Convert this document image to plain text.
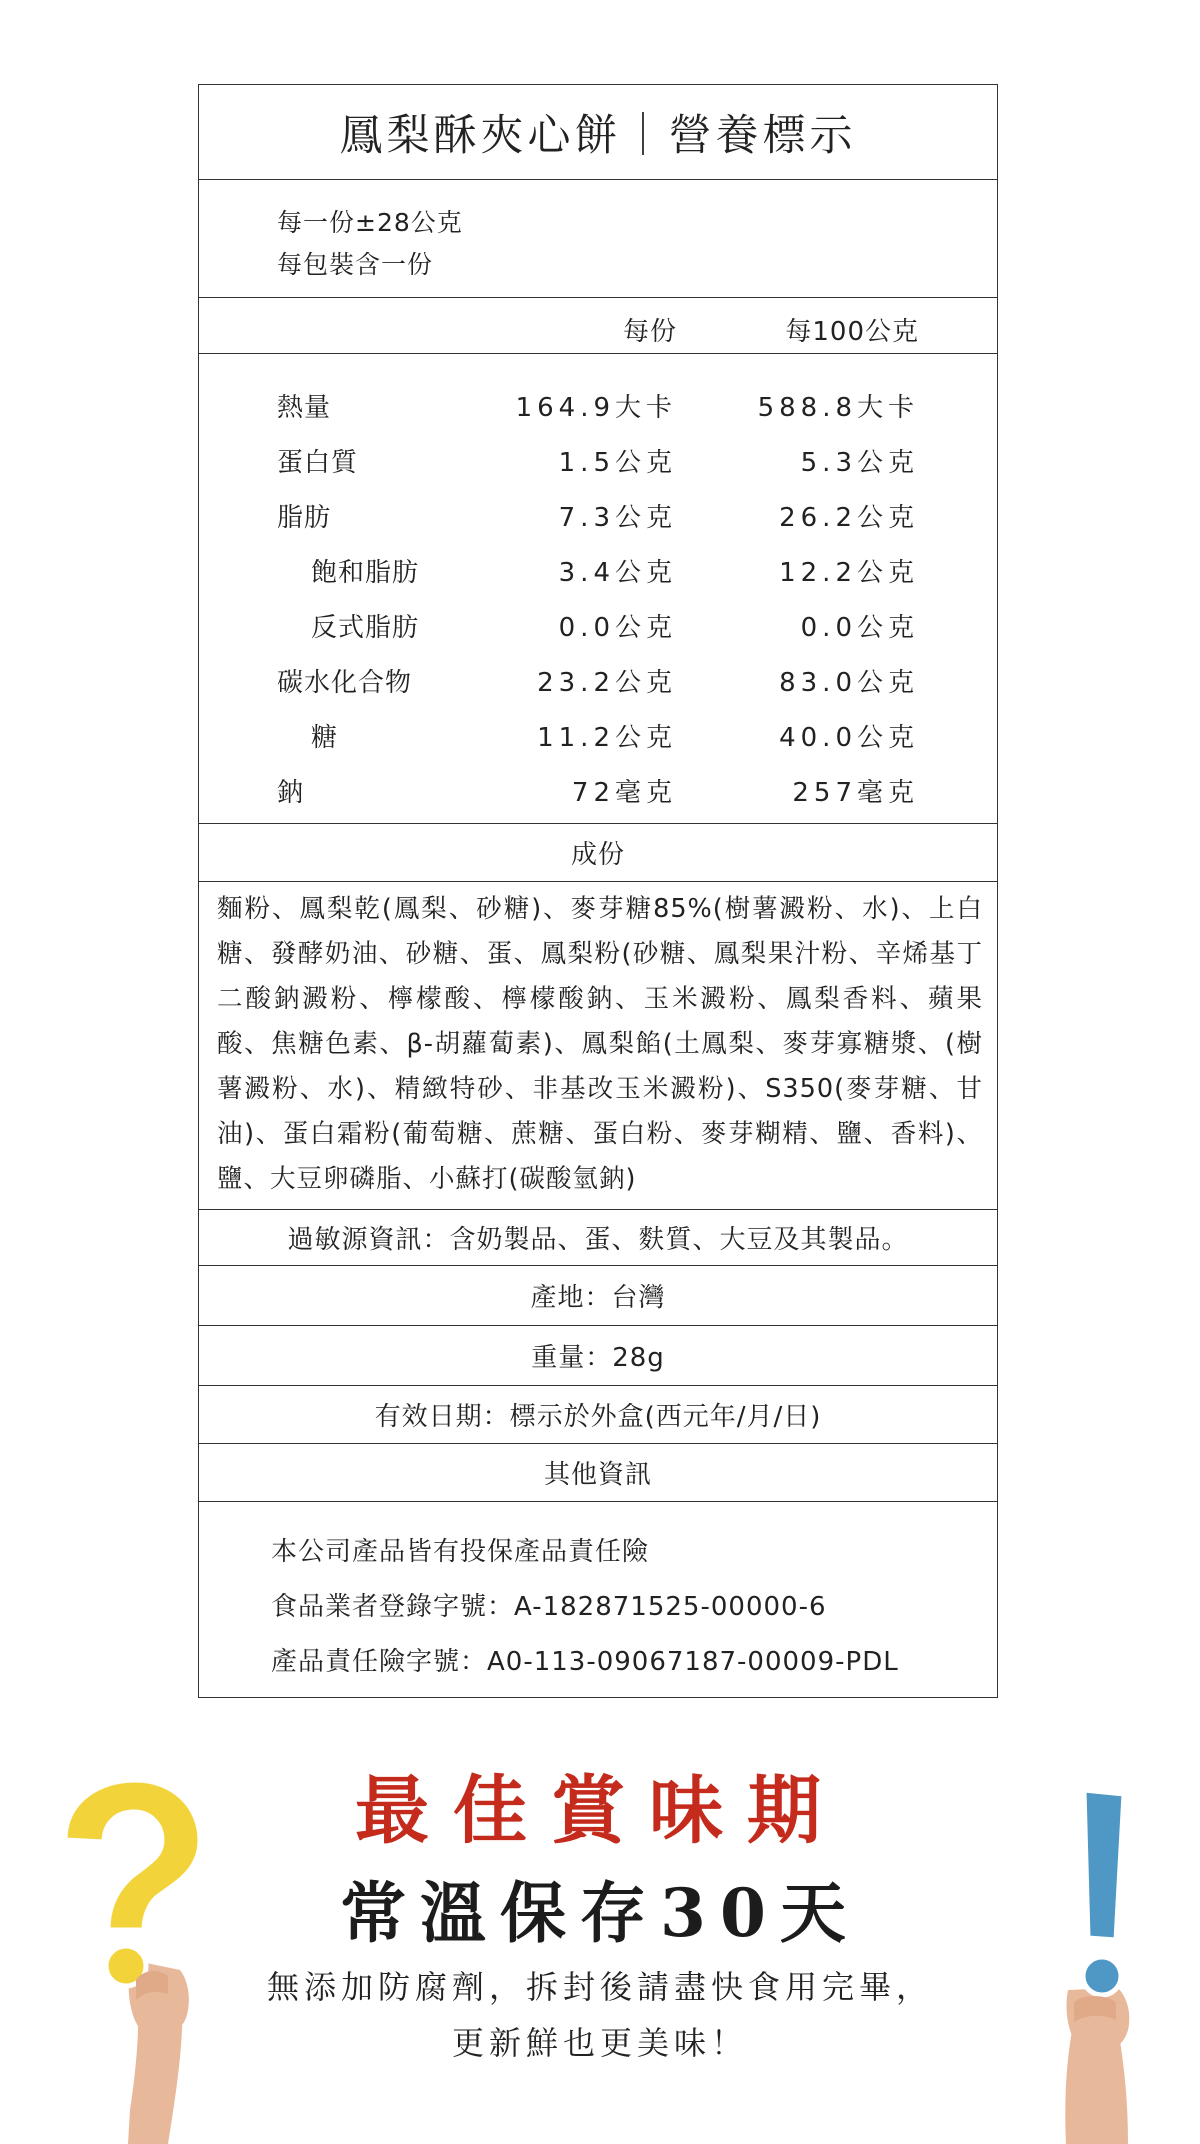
鳳梨酥夾心餅｜營養標示
每一份±28公克
每包裝含一份
每份	每100公克
熱量	164.9大卡	588.8大卡
蛋白質	1.5公克	5.3公克
脂肪	7.3公克	26.2公克
飽和脂肪	3.4公克	12.2公克
反式脂肪	0.0公克	0.0公克
碳水化合物	23.2公克	83.0公克
糖	11.2公克	40.0公克
鈉	72毫克	257毫克
成份
麵粉、鳳梨乾(鳳梨、砂糖)、麥芽糖85%(樹薯澱粉、水)、上白糖、發酵奶油、砂糖、蛋、鳳梨粉(砂糖、鳳梨果汁粉、辛烯基丁二酸鈉澱粉、檸檬酸、檸檬酸鈉、玉米澱粉、鳳梨香料、蘋果酸、焦糖色素、β-胡蘿蔔素)、鳳梨餡(土鳳梨、麥芽寡糖漿、(樹薯澱粉、水)、精緻特砂、非基改玉米澱粉)、S350(麥芽糖、甘油)、蛋白霜粉(葡萄糖、蔗糖、蛋白粉、麥芽糊精、鹽、香料)、鹽、大豆卵磷脂、小蘇打(碳酸氫鈉)
過敏源資訊：含奶製品、蛋、麩質、大豆及其製品。
產地：台灣
重量：28g
有效日期：標示於外盒(西元年/月/日)
其他資訊
本公司產品皆有投保產品責任險
食品業者登錄字號：A-182871525-00000-6
產品責任險字號：A0-113-09067187-00009-PDL
最佳賞味期
常溫保存30天
無添加防腐劑，拆封後請盡快食用完畢，
更新鮮也更美味！
